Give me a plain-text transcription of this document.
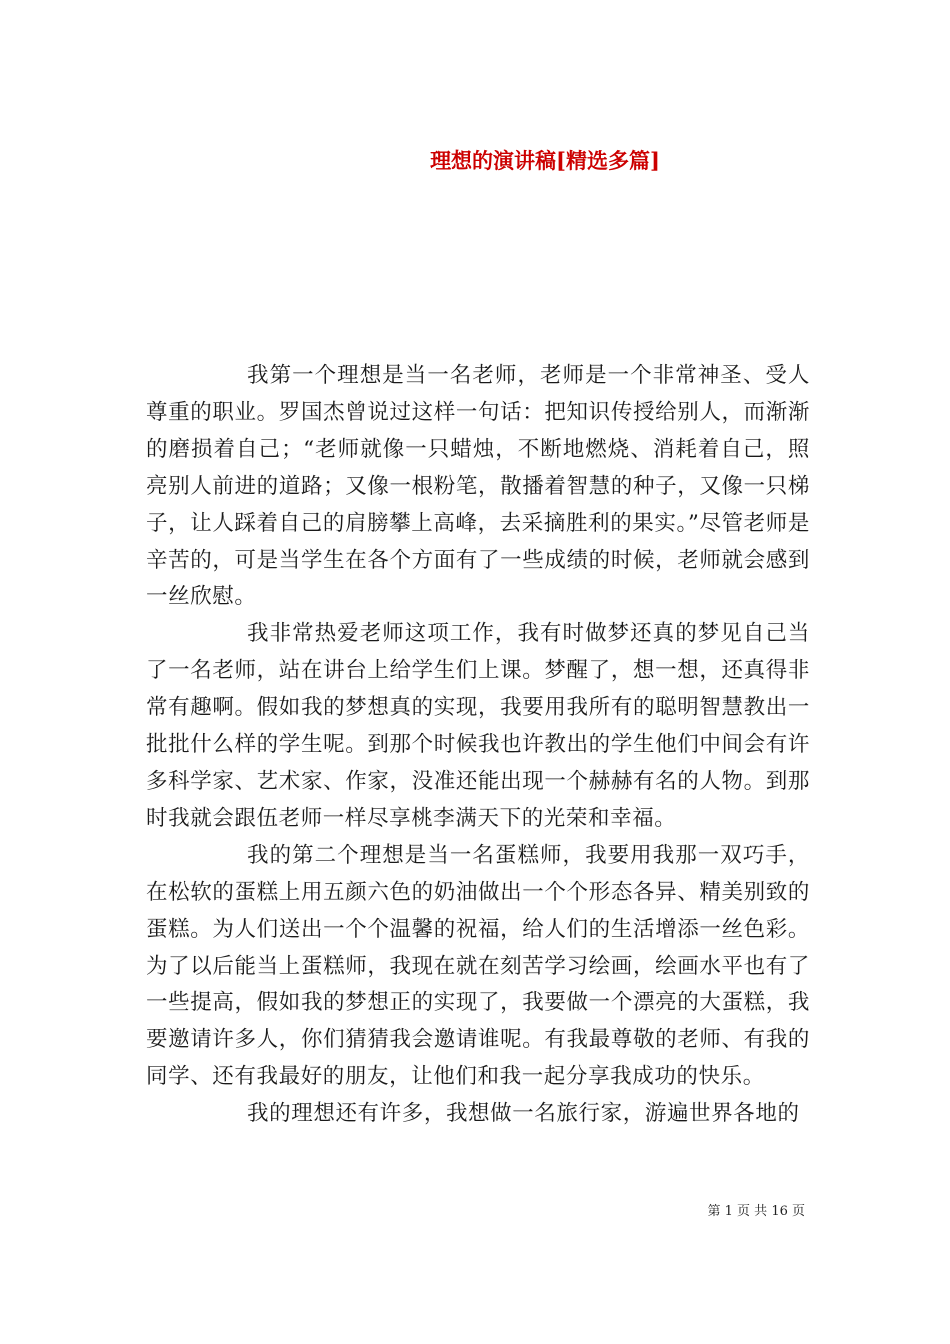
理想的演讲稿[精选多篇]

我第一个理想是当一名老师，老师是一个非常神圣、受人尊重的职业。罗国杰曾说过这样一句话：把知识传授给别人，而渐渐的磨损着自己；“老师就像一只蜡烛，不断地燃烧、消耗着自己，照亮别人前进的道路；又像一根粉笔，散播着智慧的种子，又像一只梯子，让人踩着自己的肩膀攀上高峰，去采摘胜利的果实。”尽管老师是辛苦的，可是当学生在各个方面有了一些成绩的时候，老师就会感到一丝欣慰。

我非常热爱老师这项工作，我有时做梦还真的梦见自己当了一名老师，站在讲台上给学生们上课。梦醒了，想一想，还真得非常有趣啊。假如我的梦想真的实现，我要用我所有的聪明智慧教出一批批什么样的学生呢。到那个时候我也许教出的学生他们中间会有许多科学家、艺术家、作家，没准还能出现一个赫赫有名的人物。到那时我就会跟伍老师一样尽享桃李满天下的光荣和幸福。

我的第二个理想是当一名蛋糕师，我要用我那一双巧手，在松软的蛋糕上用五颜六色的奶油做出一个个形态各异、精美别致的蛋糕。为人们送出一个个温馨的祝福，给人们的生活增添一丝色彩。为了以后能当上蛋糕师，我现在就在刻苦学习绘画，绘画水平也有了一些提高，假如我的梦想正的实现了，我要做一个漂亮的大蛋糕，我要邀请许多人，你们猜猜我会邀请谁呢。有我最尊敬的老师、有我的同学、还有我最好的朋友，让他们和我一起分享我成功的快乐。

我的理想还有许多，我想做一名旅行家，游遍世界各地的

第 1 页 共 16 页
